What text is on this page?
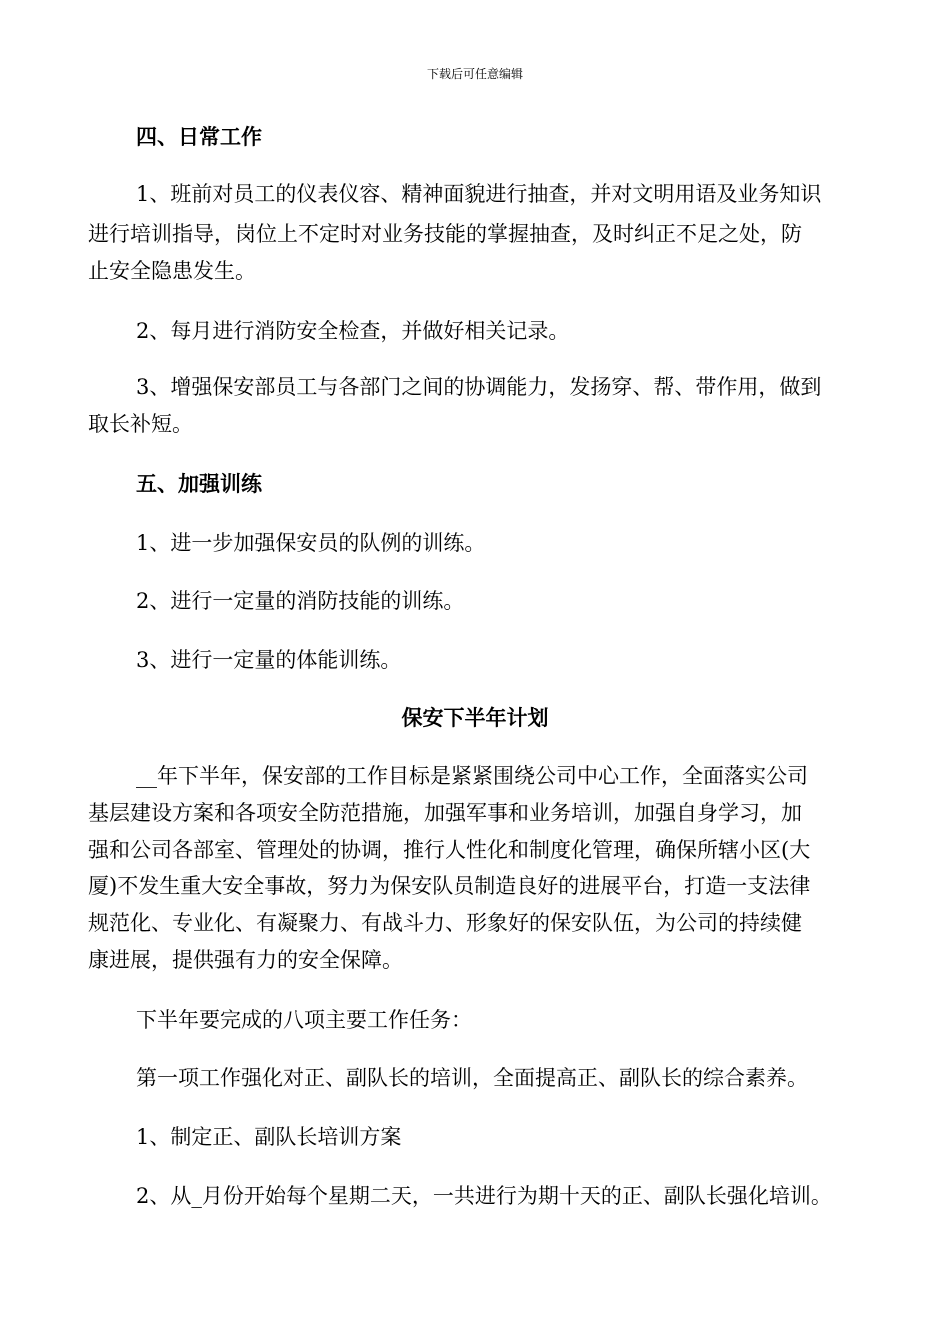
下载后可任意编辑
四、日常工作
1、班前对员工的仪表仪容、精神面貌进行抽查，并对文明用语及业务知识
进行培训指导，岗位上不定时对业务技能的掌握抽查，及时纠正不足之处，防
止安全隐患发生。
2、每月进行消防安全检查，并做好相关记录。
3、增强保安部员工与各部门之间的协调能力，发扬穿、帮、带作用，做到
取长补短。
五、加强训练
1、进一步加强保安员的队例的训练。
2、进行一定量的消防技能的训练。
3、进行一定量的体能训练。
保安下半年计划
__年下半年，保安部的工作目标是紧紧围绕公司中心工作，全面落实公司
基层建设方案和各项安全防范措施，加强军事和业务培训，加强自身学习，加
强和公司各部室、管理处的协调，推行人性化和制度化管理，确保所辖小区(大
厦)不发生重大安全事故，努力为保安队员制造良好的进展平台，打造一支法律
规范化、专业化、有凝聚力、有战斗力、形象好的保安队伍，为公司的持续健
康进展，提供强有力的安全保障。
下半年要完成的八项主要工作任务：
第一项工作强化对正、副队长的培训，全面提高正、副队长的综合素养。
1、制定正、副队长培训方案
2、从_月份开始每个星期二天，一共进行为期十天的正、副队长强化培训。
